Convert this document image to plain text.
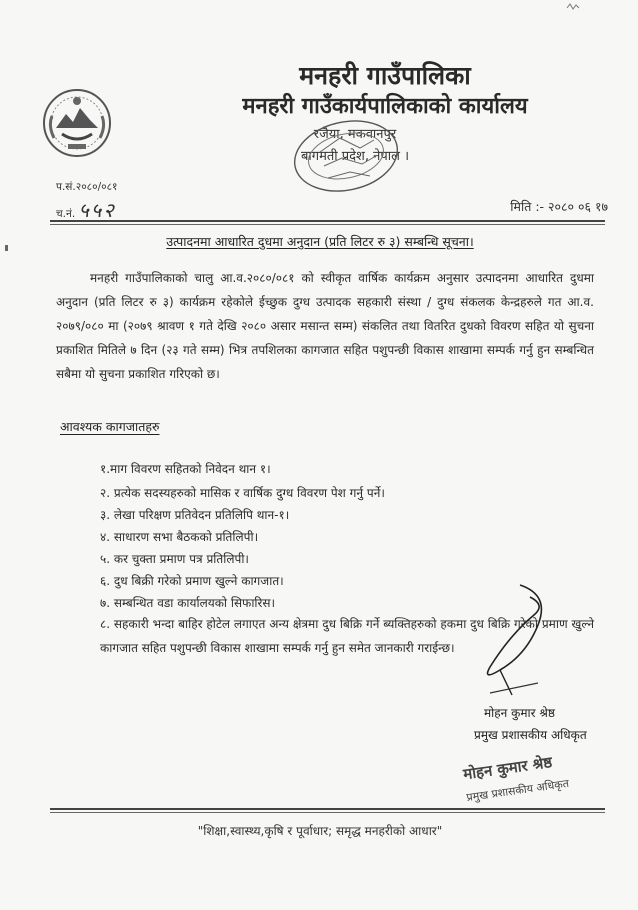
मनहरी गाउँपालिका
मनहरी गाउँकार्यपालिकाको कार्यालय
रजैया, मकवानपुर
बागमती प्रदेश, नेपाल ।
प.सं.२०८०/०८१
च.नं. ५५२	मिति :- २०८० ०६ १७
उत्पादनमा आधारित दुधमा अनुदान (प्रति लिटर रु ३) सम्बन्धि सूचना।
मनहरी गाउँपालिकाको चालु आ.व.२०८०/०८१ को स्वीकृत वार्षिक कार्यक्रम अनुसार उत्पादनमा आधारित दुधमा अनुदान (प्रति लिटर रु ३) कार्यक्रम रहेकोले ईच्छुक दुग्ध उत्पादक सहकारी संस्था / दुग्ध संकलक केन्द्रहरुले गत आ.व. २०७९/०८० मा (२०७९ श्रावण १ गते देखि २०८० असार मसान्त सम्म) संकलित तथा वितरित दुधको विवरण सहित यो सुचना प्रकाशित मितिले ७ दिन (२३ गते सम्म) भित्र तपशिलका कागजात सहित पशुपन्छी विकास शाखामा सम्पर्क गर्नु हुन सम्बन्धित सबैमा यो सुचना प्रकाशित गरिएको छ।
आवश्यक कागजातहरु
१.माग विवरण सहितको निवेदन थान १।
२. प्रत्येक सदस्यहरुको मासिक र वार्षिक दुग्ध विवरण पेश गर्नु पर्ने।
३. लेखा परिक्षण प्रतिवेदन प्रतिलिपि थान-१।
४. साधारण सभा बैठकको प्रतिलिपी।
५. कर चुक्ता प्रमाण पत्र प्रतिलिपी।
६. दुध बिक्री गरेको प्रमाण खुल्ने कागजात।
७. सम्बन्धित वडा कार्यालयको सिफारिस।
८. सहकारी भन्दा बाहिर होटेल लगाएत अन्य क्षेत्रमा दुध बिक्रि गर्ने ब्यक्तिहरुको हकमा दुध बिक्रि गरेको प्रमाण खुल्ने कागजात सहित पशुपन्छी विकास शाखामा सम्पर्क गर्नु हुन समेत जानकारी गराईन्छ।
मोहन कुमार श्रेष्ठ
प्रमुख प्रशासकीय अधिकृत
मोहन कुमार श्रेष्ठ
प्रमुख प्रशासकीय अधिकृत
"शिक्षा,स्वास्थ्य,कृषि र पूर्वाधार; समृद्ध मनहरीको आधार"
